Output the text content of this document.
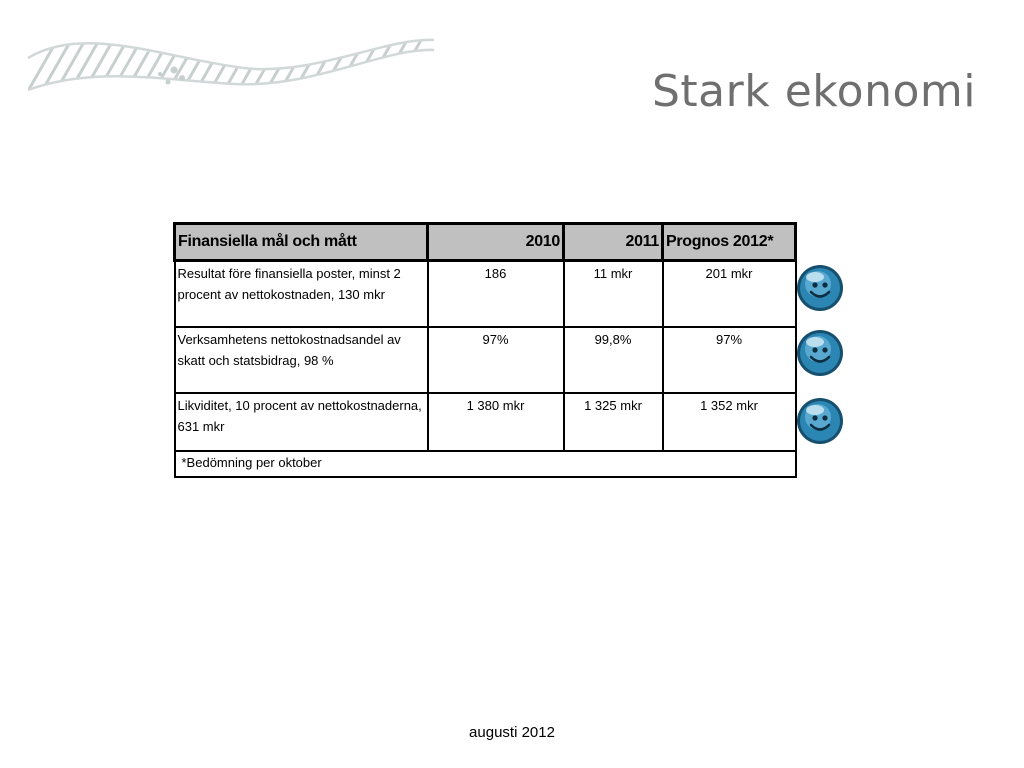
Stark ekonomi
Finansiella mål och mått	2010	2011	Prognos 2012*
Resultat före finansiella poster, minst 2 procent av nettokostnaden, 130 mkr	186	11 mkr	201 mkr
Verksamhetens nettokostnadsandel av skatt och statsbidrag, 98 %	97%	99,8%	97%
Likviditet, 10 procent av nettokostnaderna, 631 mkr	1 380 mkr	1 325 mkr	1 352 mkr
*Bedömning per oktober			
augusti 2012
